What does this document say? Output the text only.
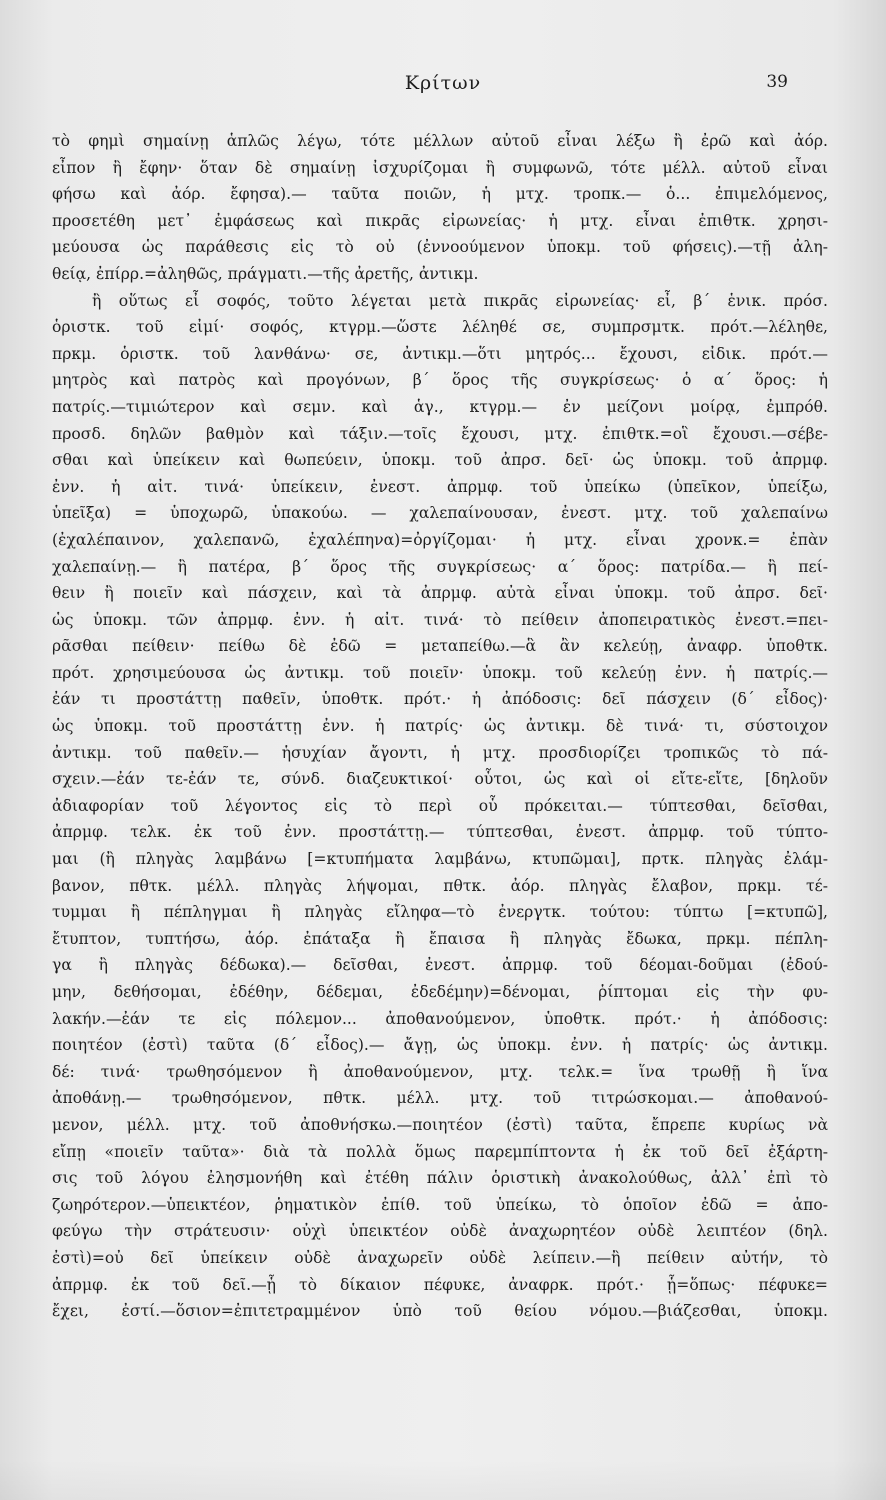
Κρίτων	39
τὸ φημὶ σημαίνῃ ἁπλῶς λέγω, τότε μέλλων αὐτοῦ εἶναι λέξω ἢ ἐρῶ καὶ ἀόρ.
εἶπον ἢ ἔφην· ὅταν δὲ σημαίνῃ ἰσχυρίζομαι ἢ συμφωνῶ, τότε μέλλ. αὐτοῦ εἶναι
φήσω καὶ ἀόρ. ἔφησα).— ταῦτα ποιῶν, ἡ μτχ. τροπκ.— ὁ... ἐπιμελόμενος,
προσετέθη μετ᾽ ἐμφάσεως καὶ πικρᾶς εἰρωνείας· ἡ μτχ. εἶναι ἐπιθτκ. χρησι-
μεύουσα ὡς παράθεσις εἰς τὸ οὐ (ἐννοούμενον ὑποκμ. τοῦ φήσεις).—τῇ ἀλη-
θείᾳ, ἐπίρρ.=ἀληθῶς, πράγματι.—τῆς ἀρετῆς, ἀντικμ.
ἢ οὕτως εἶ σοφός, τοῦτο λέγεται μετὰ πικρᾶς εἰρωνείας· εἶ, β´ ἑνικ. πρόσ.
ὁριστκ. τοῦ εἰμί· σοφός, κτγρμ.—ὥστε λέληθέ σε, συμπρσμτκ. πρότ.—λέληθε,
πρκμ. ὁριστκ. τοῦ λανθάνω· σε, ἀντικμ.—ὅτι μητρός... ἔχουσι, εἰδικ. πρότ.—
μητρὸς καὶ πατρὸς καὶ προγόνων, β´ ὅρος τῆς συγκρίσεως· ὁ α´ ὅρος: ἡ
πατρίς.—τιμιώτερον καὶ σεμν. καὶ ἁγ., κτγρμ.— ἐν μείζονι μοίρᾳ, ἐμπρόθ.
προσδ. δηλῶν βαθμὸν καὶ τάξιν.—τοῖς ἔχουσι, μτχ. ἐπιθτκ.=οἳ ἔχουσι.—σέβε-
σθαι καὶ ὑπείκειν καὶ θωπεύειν, ὑποκμ. τοῦ ἀπρσ. δεῖ· ὡς ὑποκμ. τοῦ ἀπρμφ.
ἐνν. ἡ αἰτ. τινά· ὑπείκειν, ἐνεστ. ἀπρμφ. τοῦ ὑπείκω (ὑπεῖκον, ὑπείξω,
ὑπεῖξα) = ὑποχωρῶ, ὑπακούω. — χαλεπαίνουσαν, ἐνεστ. μτχ. τοῦ χαλεπαίνω
(ἐχαλέπαινον, χαλεπανῶ, ἐχαλέπηνα)=ὀργίζομαι· ἡ μτχ. εἶναι χρονκ.= ἐπὰν
χαλεπαίνῃ.— ἢ πατέρα, β´ ὅρος τῆς συγκρίσεως· α´ ὅρος: πατρίδα.— ἢ πεί-
θειν ἢ ποιεῖν καὶ πάσχειν, καὶ τὰ ἀπρμφ. αὐτὰ εἶναι ὑποκμ. τοῦ ἀπρσ. δεῖ·
ὡς ὑποκμ. τῶν ἀπρμφ. ἐνν. ἡ αἰτ. τινά· τὸ πείθειν ἀποπειρατικὸς ἐνεστ.=πει-
ρᾶσθαι πείθειν· πείθω δὲ ἐδῶ = μεταπείθω.—ἃ ἂν κελεύῃ, ἀναφρ. ὑποθτκ.
πρότ. χρησιμεύουσα ὡς ἀντικμ. τοῦ ποιεῖν· ὑποκμ. τοῦ κελεύῃ ἐνν. ἡ πατρίς.—
ἐάν τι προστάττῃ παθεῖν, ὑποθτκ. πρότ.· ἡ ἀπόδοσις: δεῖ πάσχειν (δ´ εἶδος)·
ὡς ὑποκμ. τοῦ προστάττῃ ἐνν. ἡ πατρίς· ὡς ἀντικμ. δὲ τινά· τι, σύστοιχον
ἀντικμ. τοῦ παθεῖν.— ἡσυχίαν ἄγοντι, ἡ μτχ. προσδιορίζει τροπικῶς τὸ πά-
σχειν.—ἐάν τε-ἐάν τε, σύνδ. διαζευκτικοί· οὗτοι, ὡς καὶ οἱ εἴτε-εἴτε, [δηλοῦν
ἀδιαφορίαν τοῦ λέγοντος εἰς τὸ περὶ οὗ πρόκειται.— τύπτεσθαι, δεῖσθαι,
ἀπρμφ. τελκ. ἐκ τοῦ ἐνν. προστάττῃ.— τύπτεσθαι, ἐνεστ. ἀπρμφ. τοῦ τύπτο-
μαι (ἢ πληγὰς λαμβάνω [=κτυπήματα λαμβάνω, κτυπῶμαι], πρτκ. πληγὰς ἐλάμ-
βανον, πθτκ. μέλλ. πληγὰς λήψομαι, πθτκ. ἀόρ. πληγὰς ἔλαβον, πρκμ. τέ-
τυμμαι ἢ πέπληγμαι ἢ πληγὰς εἴληφα—τὸ ἐνεργτκ. τούτου: τύπτω [=κτυπῶ],
ἔτυπτον, τυπτήσω, ἀόρ. ἐπάταξα ἢ ἔπαισα ἢ πληγὰς ἔδωκα, πρκμ. πέπλη-
γα ἢ πληγὰς δέδωκα).— δεῖσθαι, ἐνεστ. ἀπρμφ. τοῦ δέομαι-δοῦμαι (ἐδού-
μην, δεθήσομαι, ἐδέθην, δέδεμαι, ἐδεδέμην)=δένομαι, ῥίπτομαι εἰς τὴν φυ-
λακήν.—ἐάν τε εἰς πόλεμον... ἀποθανούμενον, ὑποθτκ. πρότ.· ἡ ἀπόδοσις:
ποιητέον (ἐστὶ) ταῦτα (δ´ εἶδος).— ἄγῃ, ὡς ὑποκμ. ἐνν. ἡ πατρίς· ὡς ἀντικμ.
δέ: τινά· τρωθησόμενον ἢ ἀποθανούμενον, μτχ. τελκ.= ἵνα τρωθῇ ἢ ἵνα
ἀποθάνῃ.— τρωθησόμενον, πθτκ. μέλλ. μτχ. τοῦ τιτρώσκομαι.— ἀποθανού-
μενον, μέλλ. μτχ. τοῦ ἀποθνήσκω.—ποιητέον (ἐστὶ) ταῦτα, ἔπρεπε κυρίως νὰ
εἴπῃ «ποιεῖν ταῦτα»· διὰ τὰ πολλὰ ὅμως παρεμπίπτοντα ἡ ἐκ τοῦ δεῖ ἐξάρτη-
σις τοῦ λόγου ἐλησμονήθη καὶ ἐτέθη πάλιν ὁριστικὴ ἀνακολούθως, ἀλλ᾽ ἐπὶ τὸ
ζωηρότερον.—ὑπεικτέον, ῥηματικὸν ἐπίθ. τοῦ ὑπείκω, τὸ ὁποῖον ἐδῶ = ἀπο-
φεύγω τὴν στράτευσιν· οὐχὶ ὑπεικτέον οὐδὲ ἀναχωρητέον οὐδὲ λειπτέον (δηλ.
ἐστὶ)=οὐ δεῖ ὑπείκειν οὐδὲ ἀναχωρεῖν οὐδὲ λείπειν.—ἢ πείθειν αὐτήν, τὸ
ἀπρμφ. ἐκ τοῦ δεῖ.—ᾗ τὸ δίκαιον πέφυκε, ἀναφρκ. πρότ.· ᾗ=ὅπως· πέφυκε=
ἔχει, ἐστί.—ὅσιον=ἐπιτετραμμένον ὑπὸ τοῦ θείου νόμου.—βιάζεσθαι, ὑποκμ.
